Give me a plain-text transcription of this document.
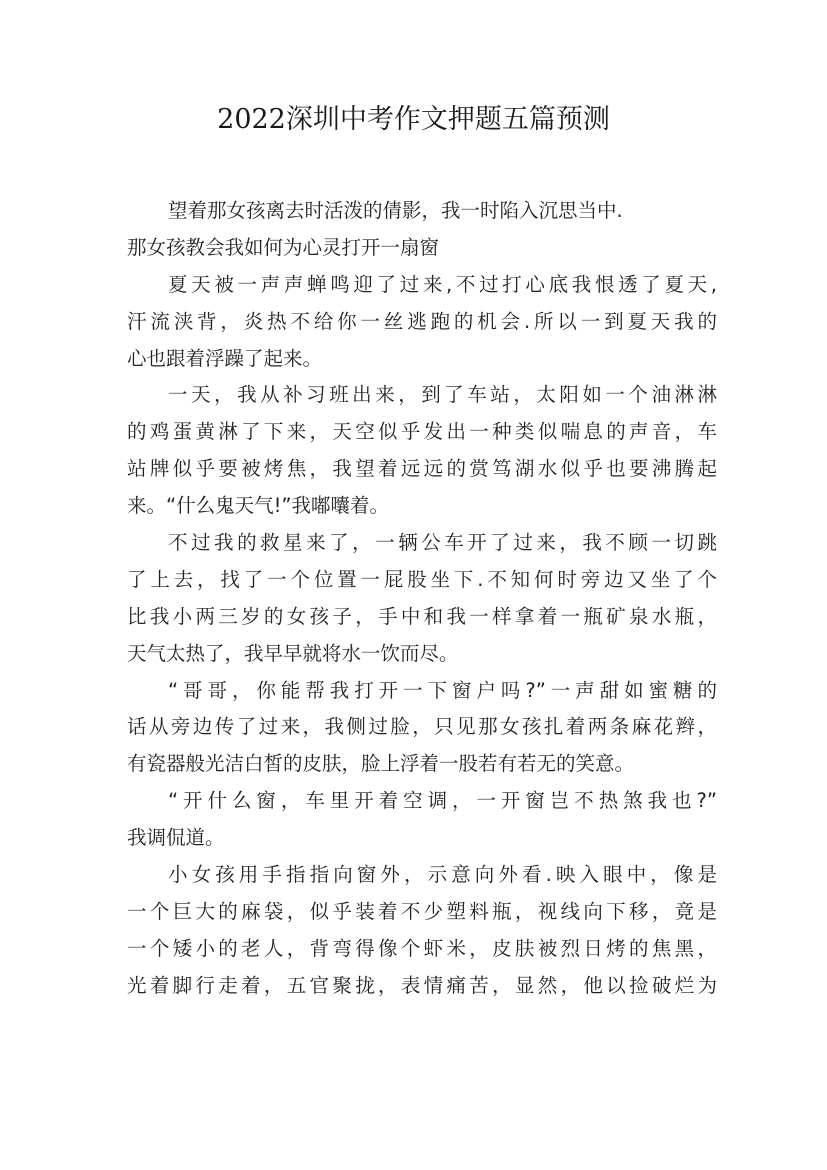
2022深圳中考作文押题五篇预测
望着那女孩离去时活泼的倩影，我一时陷入沉思当中.
那女孩教会我如何为心灵打开一扇窗
夏天被一声声蝉鸣迎了过来,不过打心底我恨透了夏天,
汗流浃背，炎热不给你一丝逃跑的机会.所以一到夏天我的
心也跟着浮躁了起来。
一天，我从补习班出来，到了车站，太阳如一个油淋淋
的鸡蛋黄淋了下来，天空似乎发出一种类似喘息的声音，车
站牌似乎要被烤焦，我望着远远的赏笃湖水似乎也要沸腾起
来。“什么鬼天气!”我嘟囔着。
不过我的救星来了，一辆公车开了过来，我不顾一切跳
了上去，找了一个位置一屁股坐下.不知何时旁边又坐了个
比我小两三岁的女孩子，手中和我一样拿着一瓶矿泉水瓶，
天气太热了，我早早就将水一饮而尽。
“哥哥，你能帮我打开一下窗户吗?”一声甜如蜜糖的
话从旁边传了过来，我侧过脸，只见那女孩扎着两条麻花辫，
有瓷器般光洁白皙的皮肤，脸上浮着一股若有若无的笑意。
“开什么窗，车里开着空调，一开窗岂不热煞我也?”
我调侃道。
小女孩用手指指向窗外，示意向外看.映入眼中，像是
一个巨大的麻袋，似乎装着不少塑料瓶，视线向下移，竟是
一个矮小的老人，背弯得像个虾米，皮肤被烈日烤的焦黑，
光着脚行走着，五官聚拢，表情痛苦，显然，他以捡破烂为
